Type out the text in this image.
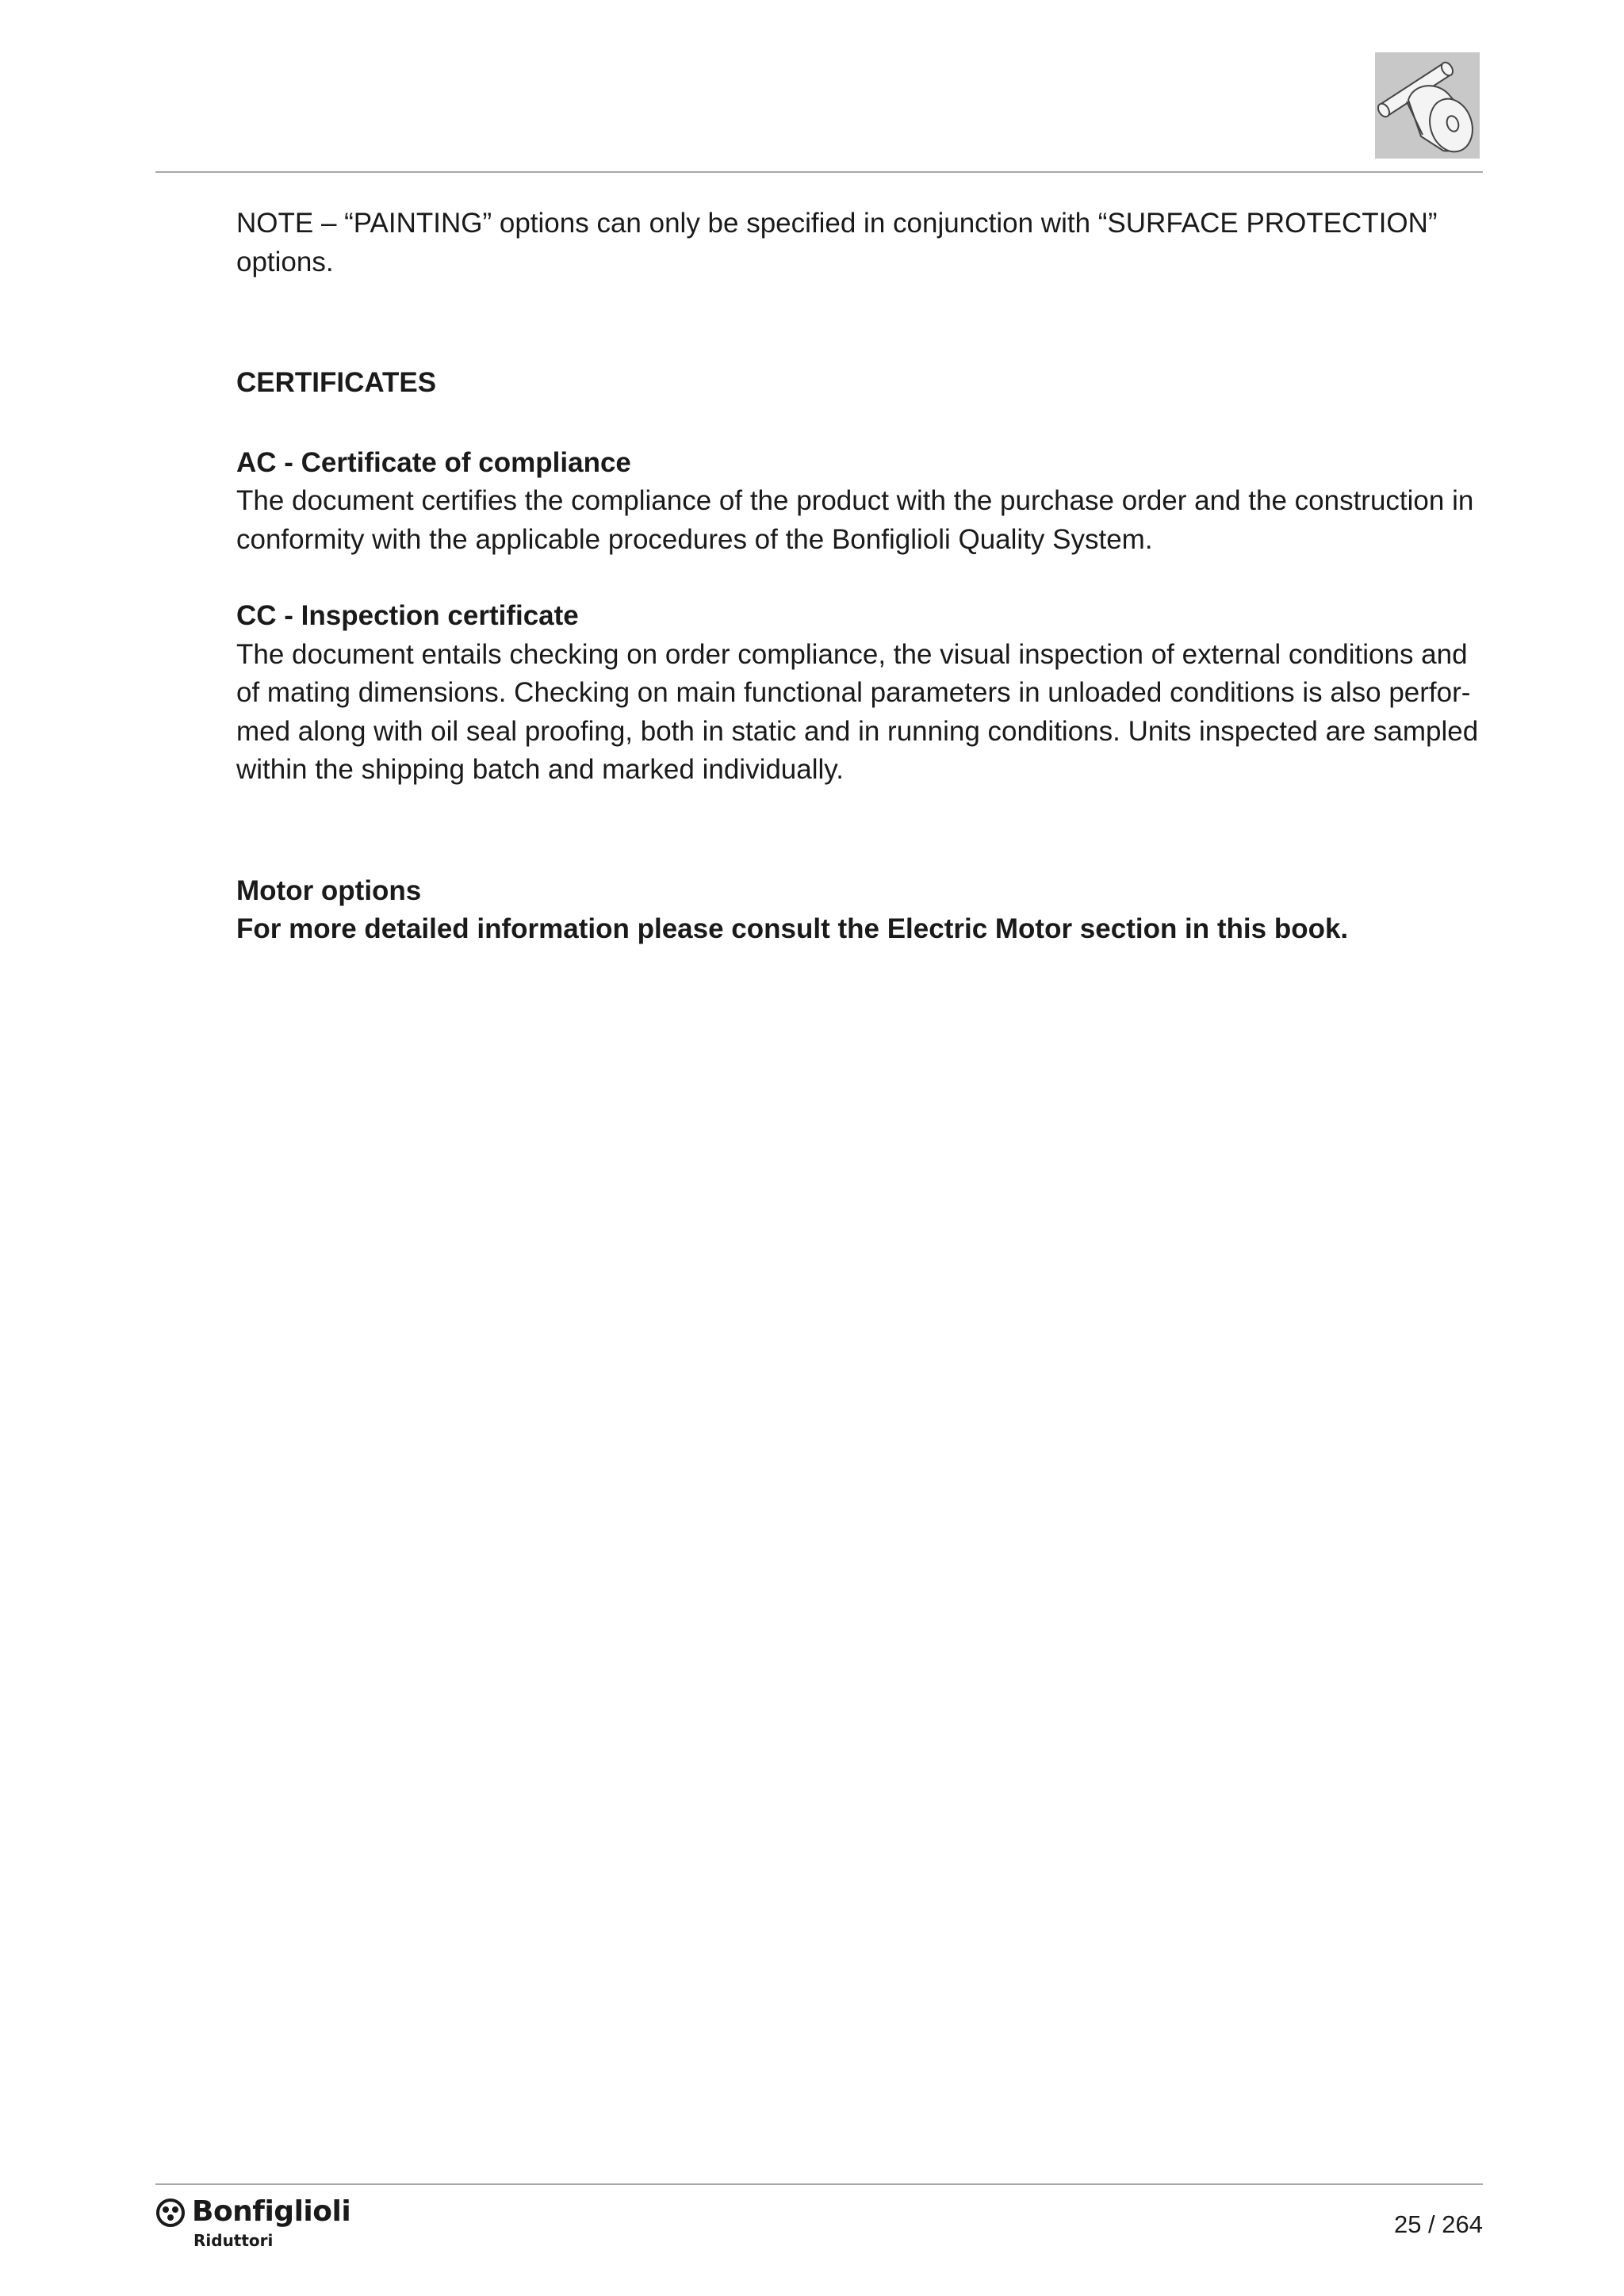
NOTE – “PAINTING” options can only be specified in conjunction with “SURFACE PROTECTION” options.

CERTIFICATES

AC - Certificate of compliance

The document certifies the compliance of the product with the purchase order and the construction in conformity with the applicable procedures of the Bonfiglioli Quality System.

CC - Inspection certificate

The document entails checking on order compliance, the visual inspection of external conditions and of mating dimensions. Checking on main functional parameters in unloaded conditions is also perfor-med along with oil seal proofing, both in static and in running conditions. Units inspected are sampled within the shipping batch and marked individually.

Motor options

For more detailed information please consult the Electric Motor section in this book.

Bonfiglioli
Riduttori
25 / 264
